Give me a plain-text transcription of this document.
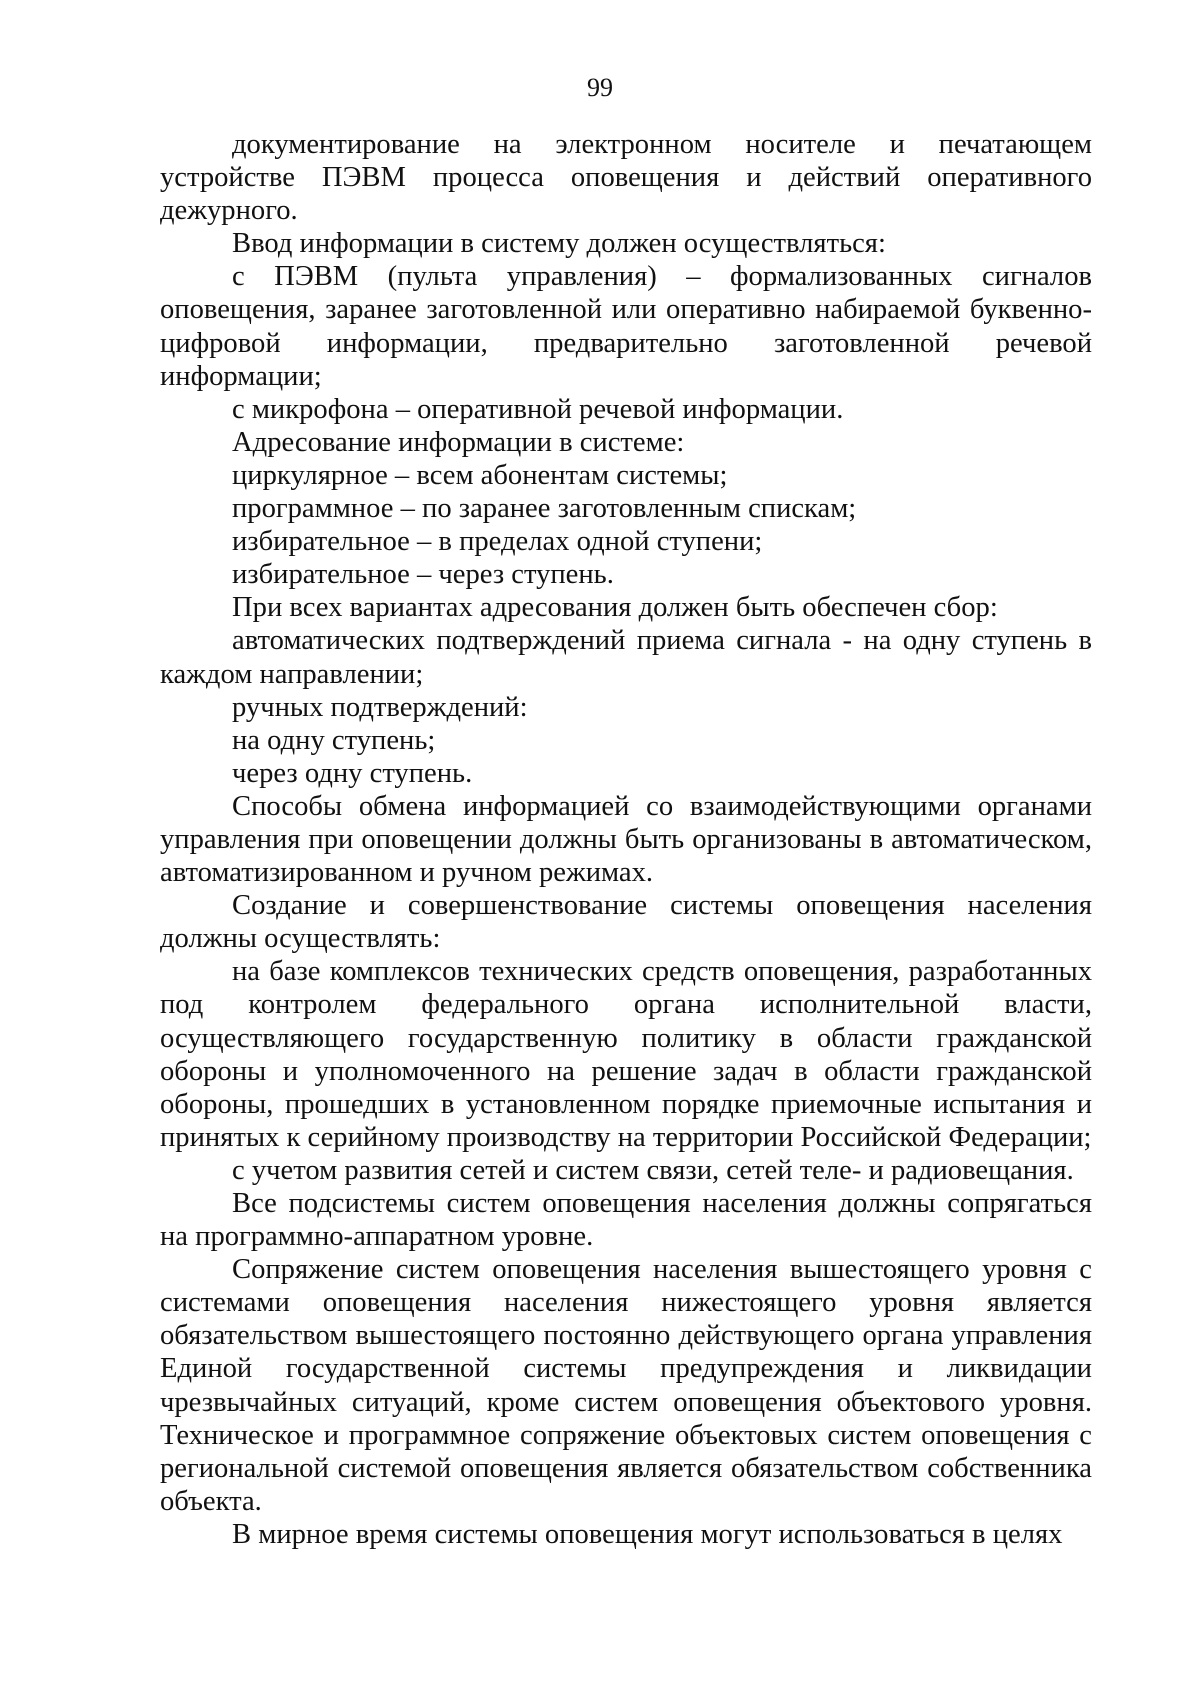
99

документирование на электронном носителе и печатающем устройстве ПЭВМ процесса оповещения и действий оперативного дежурного.

Ввод информации в систему должен осуществляться:

с ПЭВМ (пульта управления) – формализованных сигналов оповещения, заранее заготовленной или оперативно набираемой буквенно-цифровой информации, предварительно заготовленной речевой информации;

с микрофона – оперативной речевой информации.

Адресование информации в системе:

циркулярное – всем абонентам системы;

программное – по заранее заготовленным спискам;

избирательное – в пределах одной ступени;

избирательное – через ступень.

При всех вариантах адресования должен быть обеспечен сбор:

автоматических подтверждений приема сигнала - на одну ступень в каждом направлении;

ручных подтверждений:

на одну ступень;

через одну ступень.

Способы обмена информацией со взаимодействующими органами управления при оповещении должны быть организованы в автоматическом, автоматизированном и ручном режимах.

Создание и совершенствование системы оповещения населения должны осуществлять:

на базе комплексов технических средств оповещения, разработанных под контролем федерального органа исполнительной власти, осуществляющего государственную политику в области гражданской обороны и уполномоченного на решение задач в области гражданской обороны, прошедших в установленном порядке приемочные испытания и принятых к серийному производству на территории Российской Федерации;

с учетом развития сетей и систем связи, сетей теле- и радиовещания.

Все подсистемы систем оповещения населения должны сопрягаться на программно-аппаратном уровне.

Сопряжение систем оповещения населения вышестоящего уровня с системами оповещения населения нижестоящего уровня является обязательством вышестоящего постоянно действующего органа управления Единой государственной системы предупреждения и ликвидации чрезвычайных ситуаций, кроме систем оповещения объектового уровня. Техническое и программное сопряжение объектовых систем оповещения с региональной системой оповещения является обязательством собственника объекта.

В мирное время системы оповещения могут использоваться в целях
